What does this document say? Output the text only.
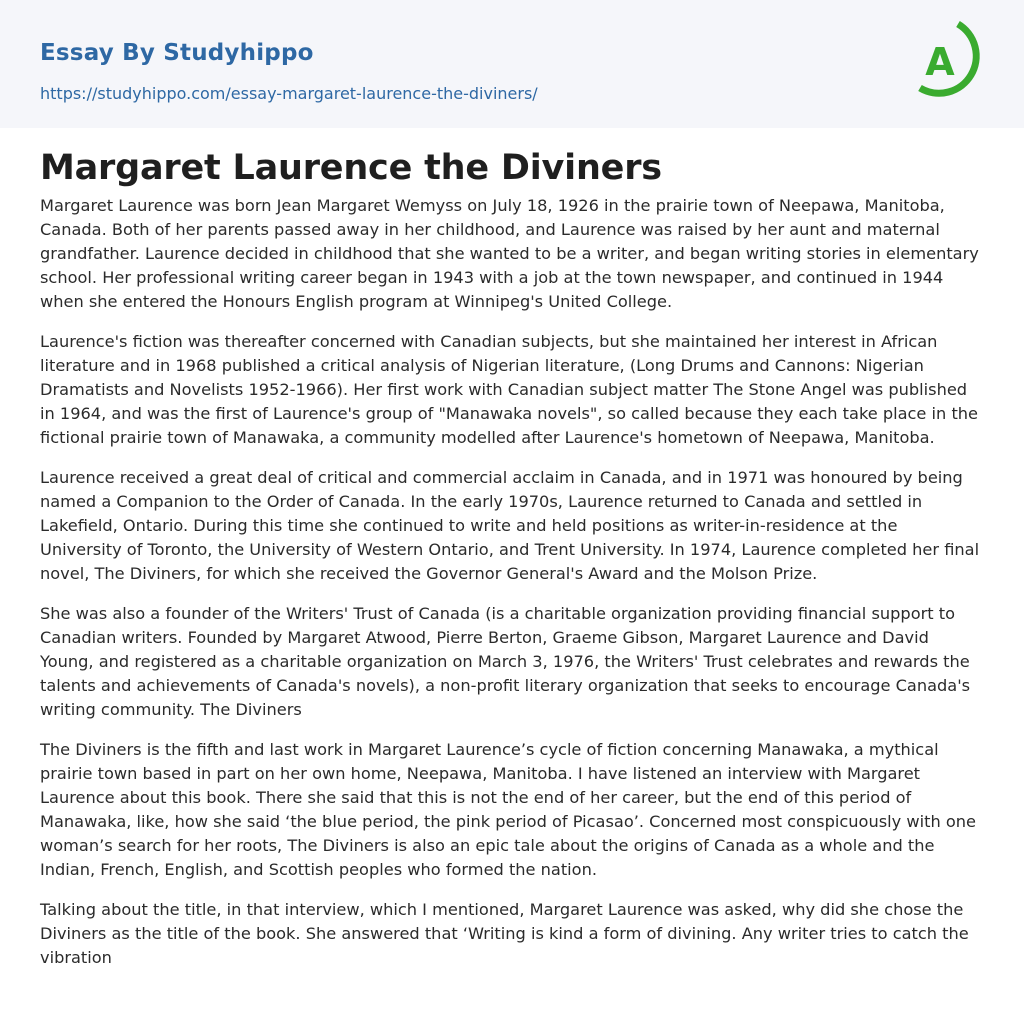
Essay By Studyhippo
https://studyhippo.com/essay-margaret-laurence-the-diviners/
A
Margaret Laurence the Diviners

Margaret Laurence was born Jean Margaret Wemyss on July 18, 1926 in the prairie town of Neepawa, Manitoba, Canada. Both of her parents passed away in her childhood, and Laurence was raised by her aunt and maternal grandfather. Laurence decided in childhood that she wanted to be a writer, and began writing stories in elementary school. Her professional writing career began in 1943 with a job at the town newspaper, and continued in 1944 when she entered the Honours English program at Winnipeg's United College.

Laurence's fiction was thereafter concerned with Canadian subjects, but she maintained her interest in African literature and in 1968 published a critical analysis of Nigerian literature, (Long Drums and Cannons: Nigerian Dramatists and Novelists 1952-1966). Her first work with Canadian subject matter The Stone Angel was published in 1964, and was the first of Laurence's group of "Manawaka novels", so called because they each take place in the fictional prairie town of Manawaka, a community modelled after Laurence's hometown of Neepawa, Manitoba.

Laurence received a great deal of critical and commercial acclaim in Canada, and in 1971 was honoured by being named a Companion to the Order of Canada. In the early 1970s, Laurence returned to Canada and settled in Lakefield, Ontario. During this time she continued to write and held positions as writer-in-residence at the University of Toronto, the University of Western Ontario, and Trent University. In 1974, Laurence completed her final novel, The Diviners, for which she received the Governor General's Award and the Molson Prize.

She was also a founder of the Writers' Trust of Canada (is a charitable organization providing financial support to Canadian writers. Founded by Margaret Atwood, Pierre Berton, Graeme Gibson, Margaret Laurence and David Young, and registered as a charitable organization on March 3, 1976, the Writers' Trust celebrates and rewards the talents and achievements of Canada's novels), a non-profit literary organization that seeks to encourage Canada's writing community. The Diviners

The Diviners is the fifth and last work in Margaret Laurence’s cycle of fiction concerning Manawaka, a mythical prairie town based in part on her own home, Neepawa, Manitoba. I have listened an interview with Margaret Laurence about this book. There she said that this is not the end of her career, but the end of this period of Manawaka, like, how she said ‘the blue period, the pink period of Picasao’. Concerned most conspicuously with one woman’s search for her roots, The Diviners is also an epic tale about the origins of Canada as a whole and the Indian, French, English, and Scottish peoples who formed the nation.

Talking about the title, in that interview, which I mentioned, Margaret Laurence was asked, why did she chose the Diviners as the title of the book. She answered that ‘Writing is kind a form of divining. Any writer tries to catch the vibration
